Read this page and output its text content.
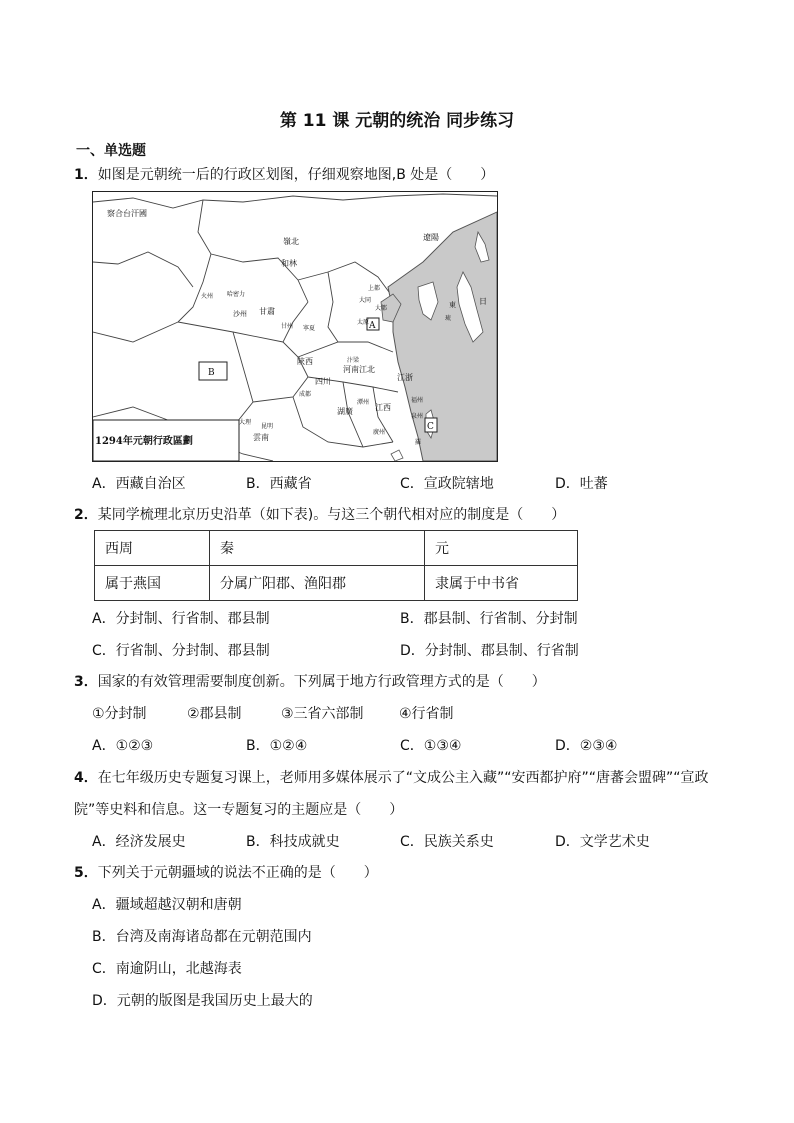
第 11 课 元朝的统治 同步练习
一、单选题
1．如图是元朝统一后的行政区划图，仔细观察地图,B 处是（　　）
察合台汗國
嶺北
和林
遼陽
日
大都
上都
甘肅
哈密力
火州
沙州
甘州 寧夏
陝西
四川
河南江北
江浙
江西
湖廣
雲南
大理
昆明
成都
泉州
福州
廣州
潭州
太原
大同
汴梁
A
B
C
東
琉
羅
1294年元朝行政區劃
A．西藏自治区	B．西藏省	C．宣政院辖地	D．吐蕃
2．某同学梳理北京历史沿革（如下表)。与这三个朝代相对应的制度是（　　）
西周	秦	元
属于燕国	分属广阳郡、渔阳郡	隶属于中书省
A．分封制、行省制、郡县制	B．郡县制、行省制、分封制
C．行省制、分封制、郡县制	D．分封制、郡县制、行省制
3．国家的有效管理需要制度创新。下列属于地方行政管理方式的是（　　）
①分封制	②郡县制	③三省六部制	④行省制
A．①②③	B．①②④	C．①③④	D．②③④
4．在七年级历史专题复习课上，老师用多媒体展示了“文成公主入藏”“安西都护府”“唐蕃会盟碑”“宣政
院”等史料和信息。这一专题复习的主题应是（　　）
A．经济发展史	B．科技成就史	C．民族关系史	D．文学艺术史
5．下列关于元朝疆域的说法不正确的是（　　）
A．疆域超越汉朝和唐朝
B．台湾及南海诸岛都在元朝范围内
C．南逾阴山，北越海表
D．元朝的版图是我国历史上最大的
